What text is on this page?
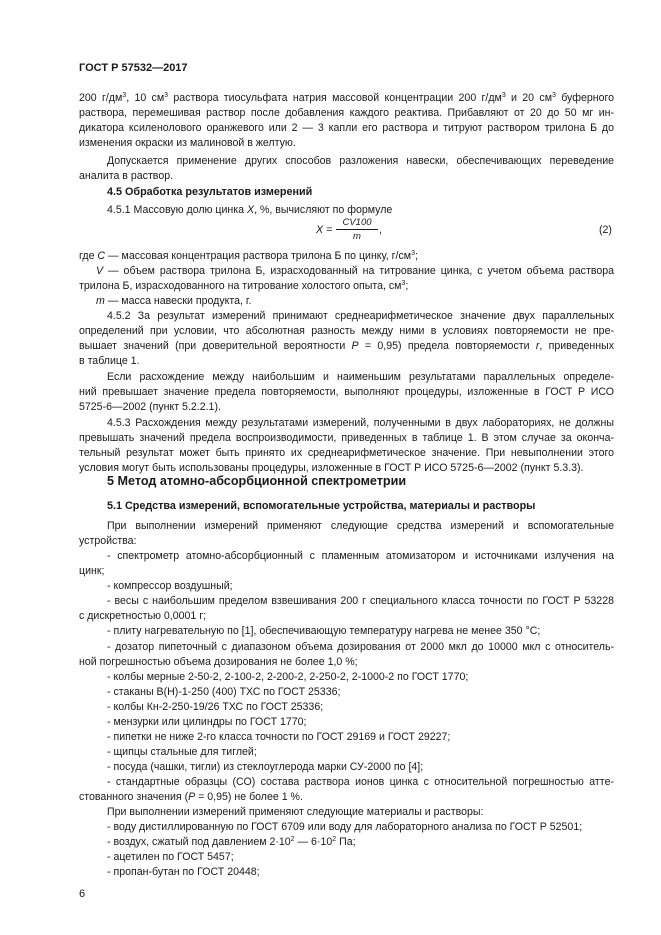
ГОСТ Р 57532—2017

200 $г/дм^3$, 10 $см^3$ раствора тиосульфата натрия массовой концентрации 200 $г/дм^3$ и 20 $см^3$ буферного

раствора, перемешивая раствор после добавления каждого реактива. Прибавляют от 20 до 50 мг ин-

дикатора ксиленолового оранжевого или 2 — 3 капли его раствора и титруют раствором трилона Б до

изменения окраски из малиновой в желтую.

Допускается применение других способов разложения навески, обеспечивающих переведение

аналита в раствор.

4.5 Обработка результатов измерений

4.5.1 Массовую долю цинка X, %, вычисляют по формуле

X =
CV100
m
,	(2)

где C — массовая концентрация раствора трилона Б по цинку, $г/см^3$;

V — объем раствора трилона Б, израсходованный на титрование цинка, с учетом объема раствора

трилона Б, израсходованного на титрование холостого опыта, $см^3$;

m — масса навески продукта, г.

4.5.2 За результат измерений принимают среднеарифметическое значение двух параллельных

определений при условии, что абсолютная разность между ними в условиях повторяемости не пре-

вышает значений (при доверительной вероятности P = 0,95) предела повторяемости r, приведенных

в таблице 1.

Если расхождение между наибольшим и наименьшим результатами параллельных определе-

ний превышает значение предела повторяемости, выполняют процедуры, изложенные в ГОСТ Р ИСО

5725-6—2002 (пункт 5.2.2.1).

4.5.3 Расхождения между результатами измерений, полученными в двух лабораториях, не должны

превышать значений предела воспроизводимости, приведенных в таблице 1. В этом случае за оконча-

тельный результат может быть принято их среднеарифметическое значение. При невыполнении этого

условия могут быть использованы процедуры, изложенные в ГОСТ Р ИСО 5725-6—2002 (пункт 5.3.3).

5 Метод атомно-абсорбционной спектрометрии

5.1 Средства измерений, вспомогательные устройства, материалы и растворы

При выполнении измерений применяют следующие средства измерений и вспомогательные

устройства:

- спектрометр атомно-абсорбционный с пламенным атомизатором и источниками излучения на

цинк;

- компрессор воздушный;

- весы с наибольшим пределом взвешивания 200 г специального класса точности по ГОСТ Р 53228

с дискретностью 0,0001 г;

- плиту нагревательную по [1], обеспечивающую температуру нагрева не менее 350 °С;

- дозатор пипеточный с диапазоном объема дозирования от 2000 мкл до 10000 мкл с относитель-

ной погрешностью объема дозирования не более 1,0 %;

- колбы мерные 2-50-2, 2-100-2, 2-200-2, 2-250-2, 2-1000-2 по ГОСТ 1770;

- стаканы В(Н)-1-250 (400) ТХС по ГОСТ 25336;

- колбы Кн-2-250-19/26 ТХС по ГОСТ 25336;

- мензурки или цилиндры по ГОСТ 1770;

- пипетки не ниже 2-го класса точности по ГОСТ 29169 и ГОСТ 29227;

- щипцы стальные для тиглей;

- посуда (чашки, тигли) из стеклоуглерода марки СУ-2000 по [4];

- стандартные образцы (СО) состава раствора ионов цинка с относительной погрешностью аттe-

стованного значения (P = 0,95) не более 1 %.

При выполнении измерений применяют следующие материалы и растворы:

- воду дистиллированную по ГОСТ 6709 или воду для лабораторного анализа по ГОСТ Р 52501;

- воздух, сжатый под давлением $2\cdot 10^2$ — $6\cdot 10^2$ Па;

- ацетилен по ГОСТ 5457;

- пропан-бутан по ГОСТ 20448;

6
